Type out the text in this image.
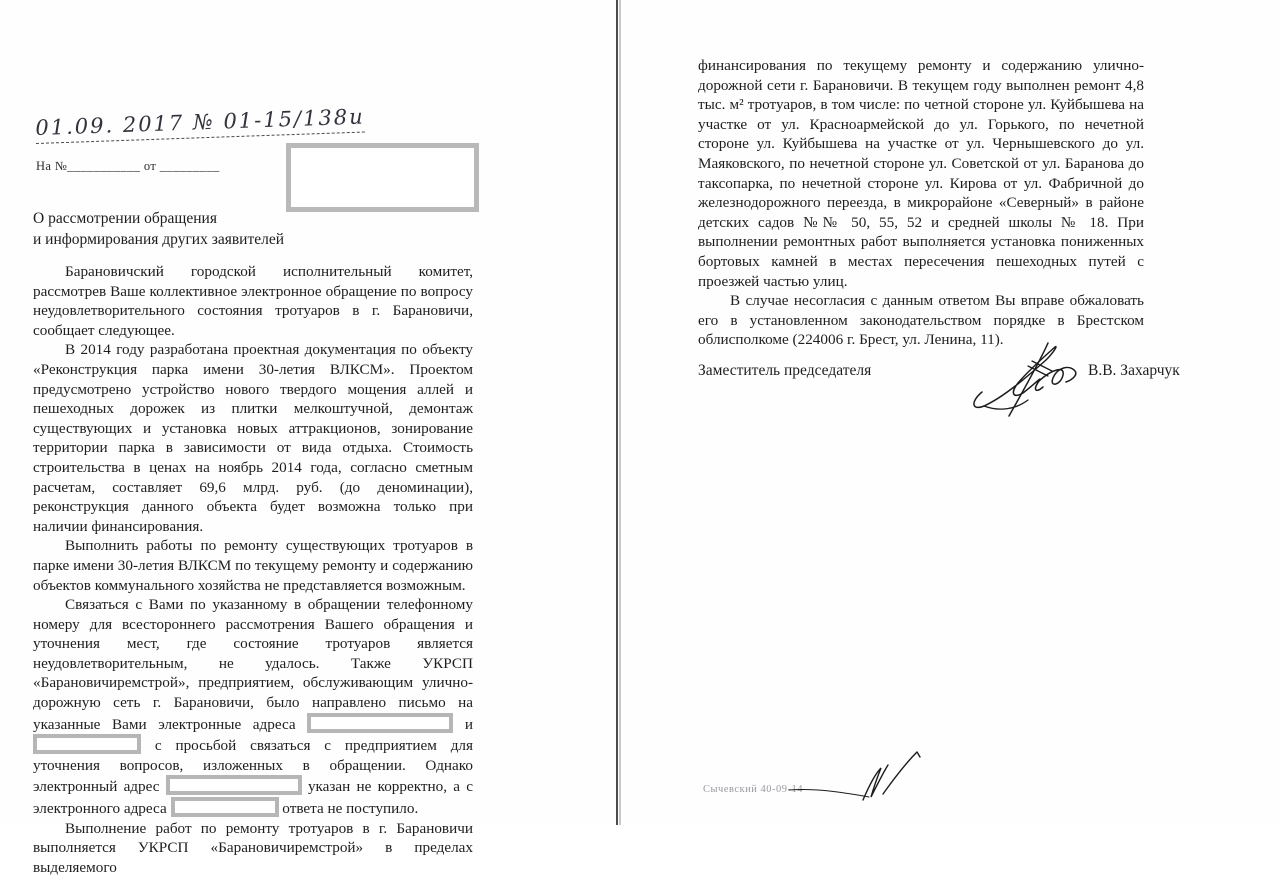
01.09. 2017 № 01-15/138и
На №___________ от _________
О рассмотрении обращения
и информирования других заявителей

Барановичский городской исполнительный комитет, рассмотрев Ваше коллективное электронное обращение по вопросу неудовлетворительного состояния тротуаров в г. Барановичи, сообщает следующее.

В 2014 году разработана проектная документация по объекту «Реконструкция парка имени 30-летия ВЛКСМ». Проектом предусмотрено устройство нового твердого мощения аллей и пешеходных дорожек из плитки мелкоштучной, демонтаж существующих и установка новых аттракционов, зонирование территории парка в зависимости от вида отдыха. Стоимость строительства в ценах на ноябрь 2014 года, согласно сметным расчетам, составляет 69,6 млрд. руб. (до деноминации), реконструкция данного объекта будет возможна только при наличии финансирования.

Выполнить работы по ремонту существующих тротуаров в парке имени 30-летия ВЛКСМ по текущему ремонту и содержанию объектов коммунального хозяйства не представляется возможным.

Связаться с Вами по указанному в обращении телефонному номеру для всестороннего рассмотрения Вашего обращения и уточнения мест, где состояние тротуаров является неудовлетворительным, не удалось. Также УКРСП «Барановичиремстрой», предприятием, обслуживающим улично-дорожную сеть г. Барановичи, было направлено письмо на указанные Вами электронные адреса	и  с просьбой связаться с предприятием для уточнения вопросов, изложенных в обращении. Однако электронный адрес	указан не корректно, а с электронного адреса	ответа не поступило.

Выполнение работ по ремонту тротуаров в г. Барановичи выполняется УКРСП «Барановичиремстрой» в пределах выделяемого

финансирования по текущему ремонту и содержанию улично-дорожной сети г. Барановичи. В текущем году выполнен ремонт 4,8 тыс. м² тротуаров, в том числе: по четной стороне ул. Куйбышева на участке от ул. Красноармейской до ул. Горького, по нечетной стороне ул. Куйбышева на участке от ул. Чернышевского до ул. Маяковского, по нечетной стороне ул. Советской от ул. Баранова до таксопарка, по нечетной стороне ул. Кирова от ул. Фабричной до железнодорожного переезда, в микрорайоне «Северный» в районе детских садов №№ 50, 55, 52 и средней школы № 18. При выполнении ремонтных работ выполняется установка пониженных бортовых камней в местах пересечения пешеходных путей с проезжей частью улиц.

В случае несогласия с данным ответом Вы вправе обжаловать его в установленном законодательством порядке в Брестском облисполкоме (224006 г. Брест, ул. Ленина, 11).

Заместитель председателя	В.В. Захарчук
Сычевский 40-09-14
